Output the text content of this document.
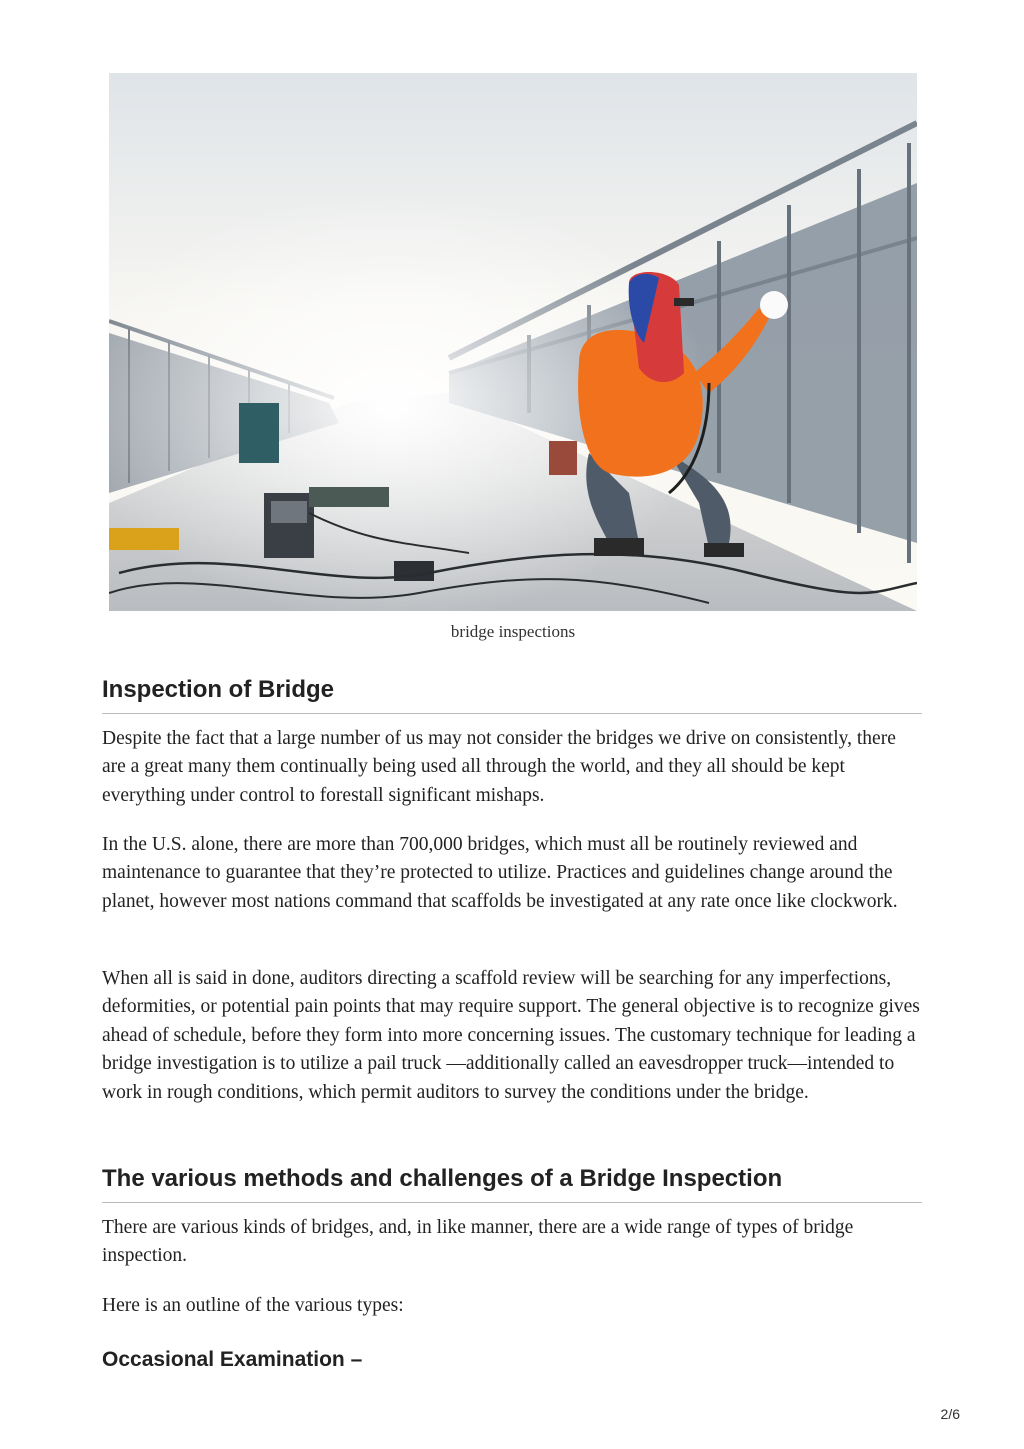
bridge inspections
Inspection of Bridge

Despite the fact that a large number of us may not consider the bridges we drive on consistently, there are a great many them continually being used all through the world, and they all should be kept everything under control to forestall significant mishaps.

In the U.S. alone, there are more than 700,000 bridges, which must all be routinely reviewed and maintenance to guarantee that they’re protected to utilize. Practices and guidelines change around the planet, however most nations command that scaffolds be investigated at any rate once like clockwork.

When all is said in done, auditors directing a scaffold review will be searching for any imperfections, deformities, or potential pain points that may require support. The general objective is to recognize gives ahead of schedule, before they form into more concerning issues. The customary technique for leading a bridge investigation is to utilize a pail truck —additionally called an eavesdropper truck—intended to work in rough conditions, which permit auditors to survey the conditions under the bridge.

The various methods and challenges of a Bridge Inspection

There are various kinds of bridges, and, in like manner, there are a wide range of types of bridge inspection.

Here is an outline of the various types:

Occasional Examination –
2/6
